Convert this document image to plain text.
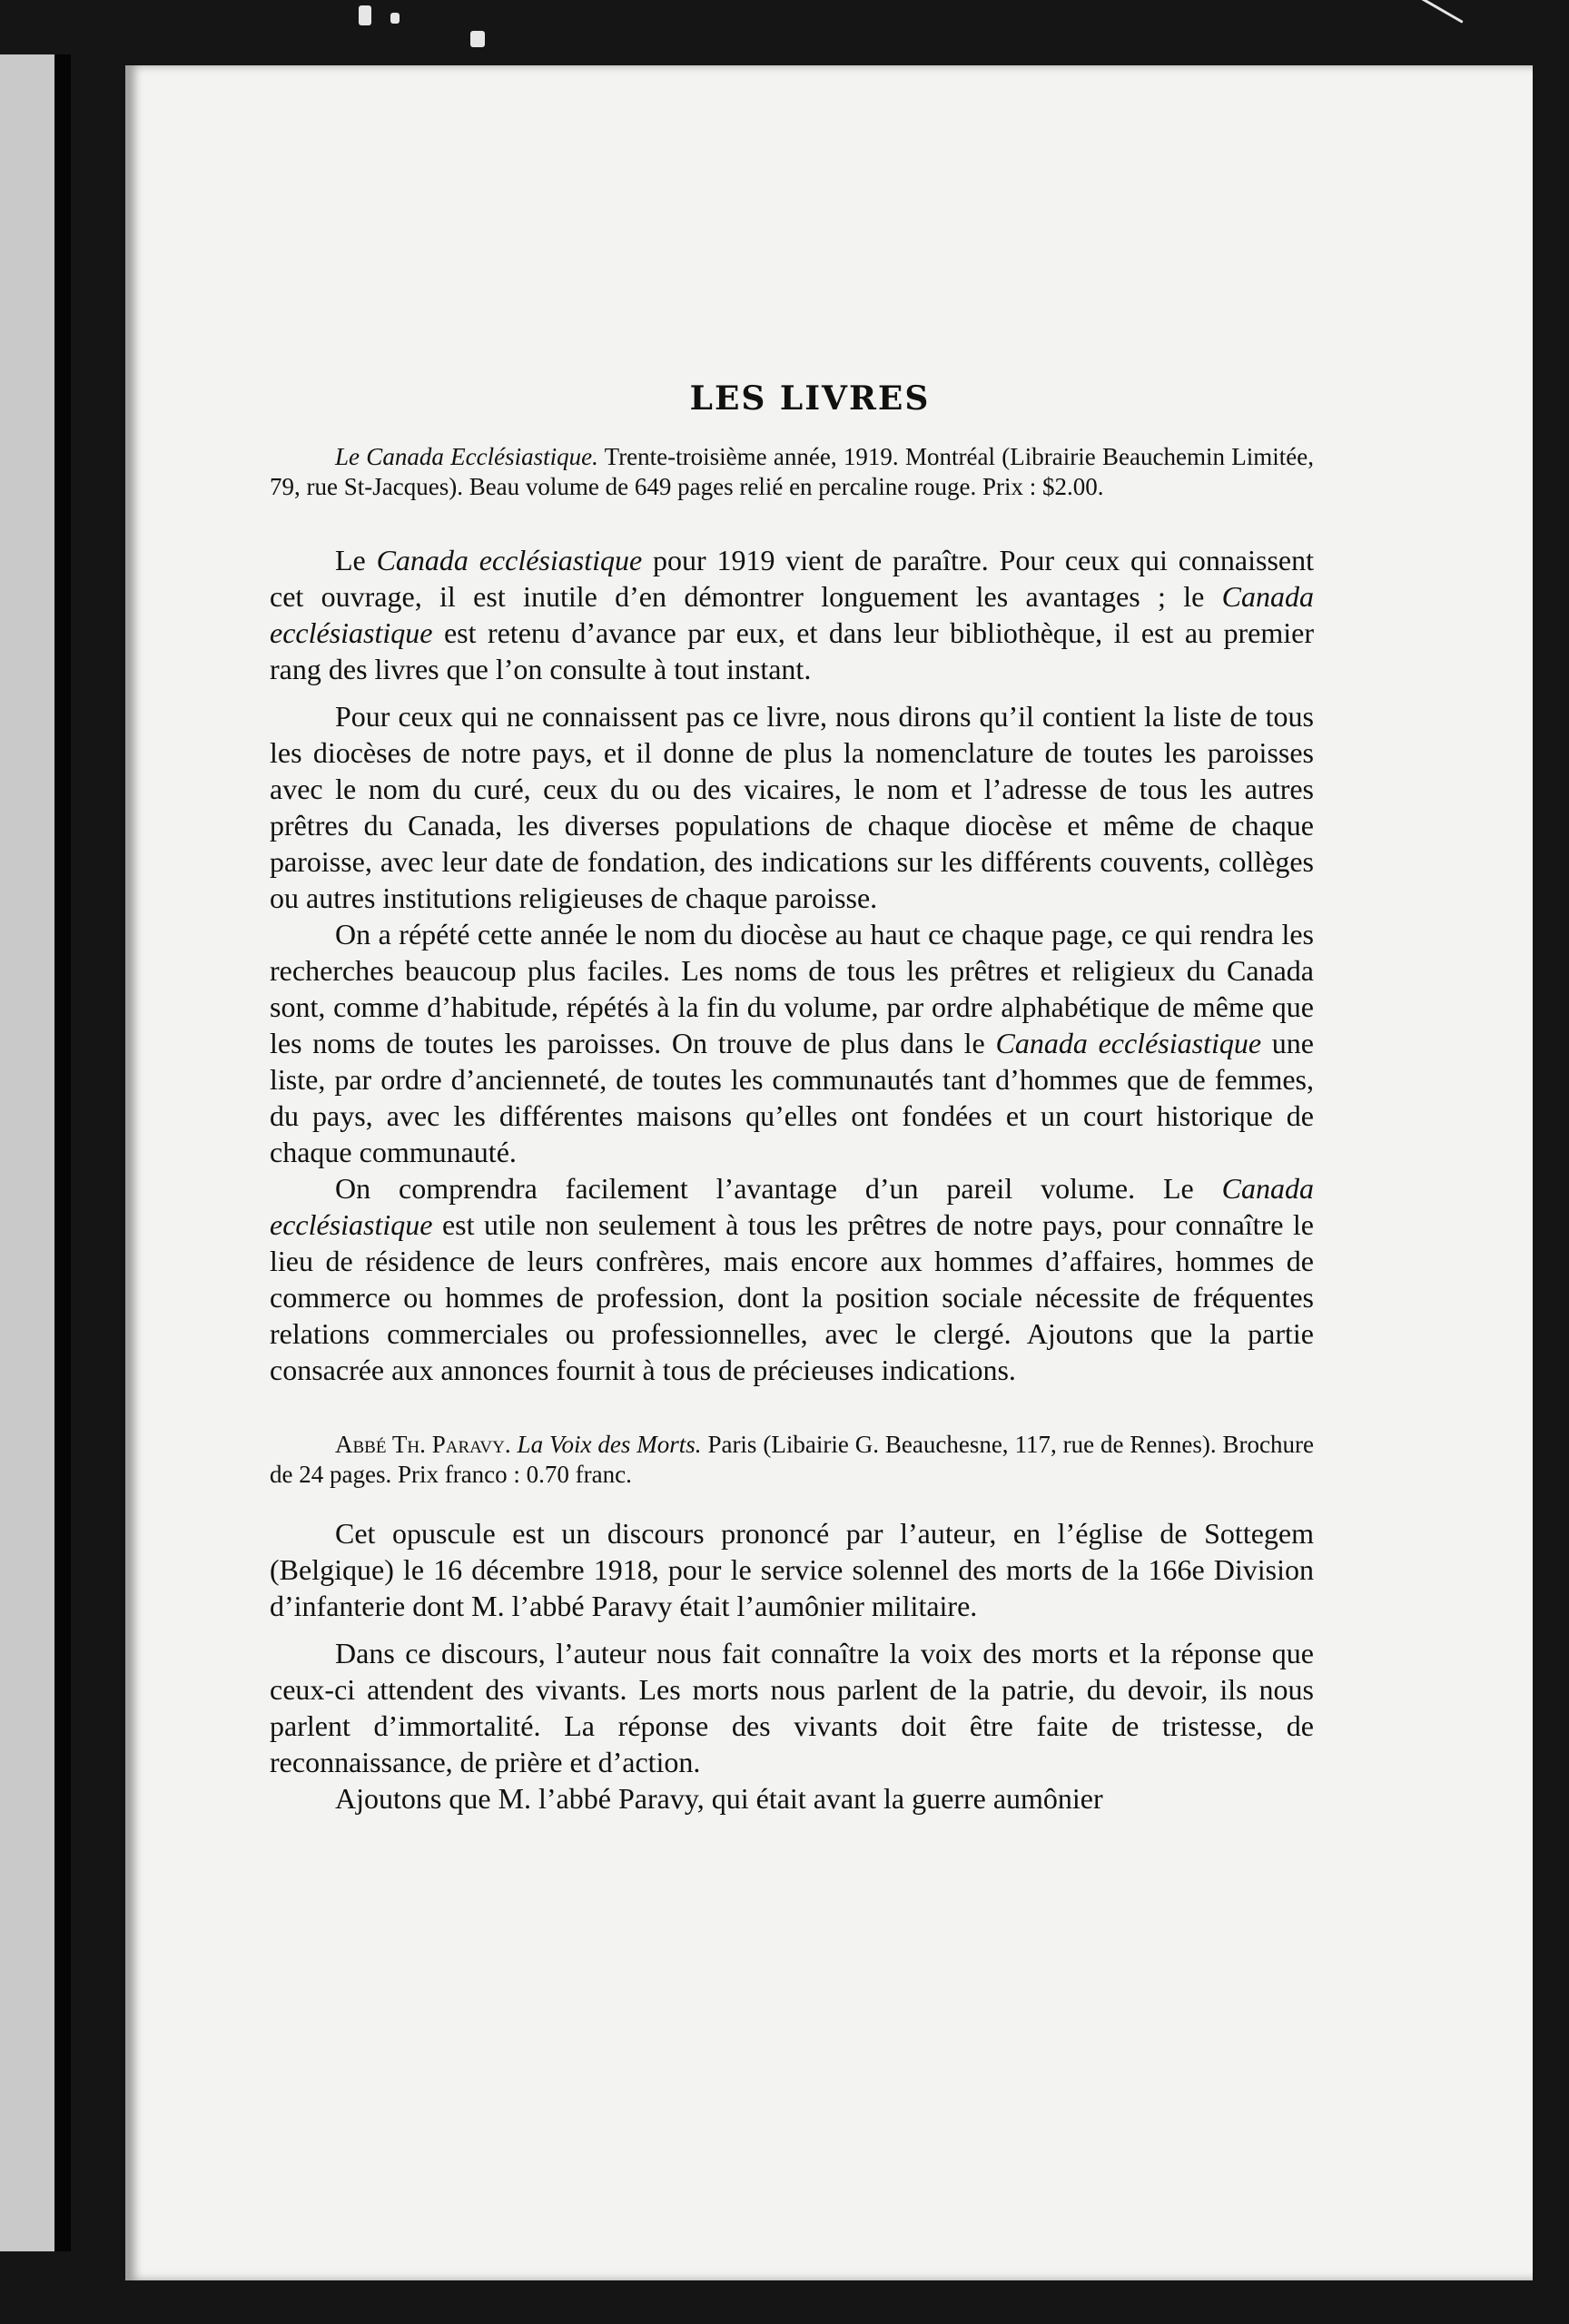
LES LIVRES

Le Canada Ecclésiastique. Trente-troisième année, 1919. Montréal (Librairie Beauchemin Limitée, 79, rue St-Jacques). Beau volume de 649 pages relié en percaline rouge. Prix : $2.00.

Le Canada ecclésiastique pour 1919 vient de paraître. Pour ceux qui connaissent cet ouvrage, il est inutile d’en démontrer longuement les avantages ; le Canada ecclésiastique est retenu d’avance par eux, et dans leur bibliothèque, il est au premier rang des livres que l’on consulte à tout instant.

Pour ceux qui ne connaissent pas ce livre, nous dirons qu’il contient la liste de tous les diocèses de notre pays, et il donne de plus la nomenclature de toutes les paroisses avec le nom du curé, ceux du ou des vicaires, le nom et l’adresse de tous les autres prêtres du Canada, les diverses populations de chaque diocèse et même de chaque paroisse, avec leur date de fondation, des indications sur les différents couvents, collèges ou autres institutions religieuses de chaque paroisse.

On a répété cette année le nom du diocèse au haut ce chaque page, ce qui rendra les recherches beaucoup plus faciles. Les noms de tous les prêtres et religieux du Canada sont, comme d’habitude, répétés à la fin du volume, par ordre alphabétique de même que les noms de toutes les paroisses. On trouve de plus dans le Canada ecclésiastique une liste, par ordre d’ancienneté, de toutes les communautés tant d’hommes que de femmes, du pays, avec les différentes maisons qu’elles ont fondées et un court historique de chaque communauté.

On comprendra facilement l’avantage d’un pareil volume. Le Canada ecclésiastique est utile non seulement à tous les prêtres de notre pays, pour connaître le lieu de résidence de leurs confrères, mais encore aux hommes d’affaires, hommes de commerce ou hommes de profession, dont la position sociale nécessite de fréquentes relations commerciales ou professionnelles, avec le clergé. Ajoutons que la partie consacrée aux annonces fournit à tous de précieuses indications.

Abbé Th. Paravy. La Voix des Morts. Paris (Libairie G. Beauchesne, 117, rue de Rennes). Brochure de 24 pages. Prix franco : 0.70 franc.

Cet opuscule est un discours prononcé par l’auteur, en l’église de Sottegem (Belgique) le 16 décembre 1918, pour le service solennel des morts de la 166e Division d’infanterie dont M. l’abbé Paravy était l’aumônier militaire.

Dans ce discours, l’auteur nous fait connaître la voix des morts et la réponse que ceux-ci attendent des vivants. Les morts nous parlent de la patrie, du devoir, ils nous parlent d’immortalité. La réponse des vivants doit être faite de tristesse, de reconnaissance, de prière et d’action.

Ajoutons que M. l’abbé Paravy, qui était avant la guerre aumônier
